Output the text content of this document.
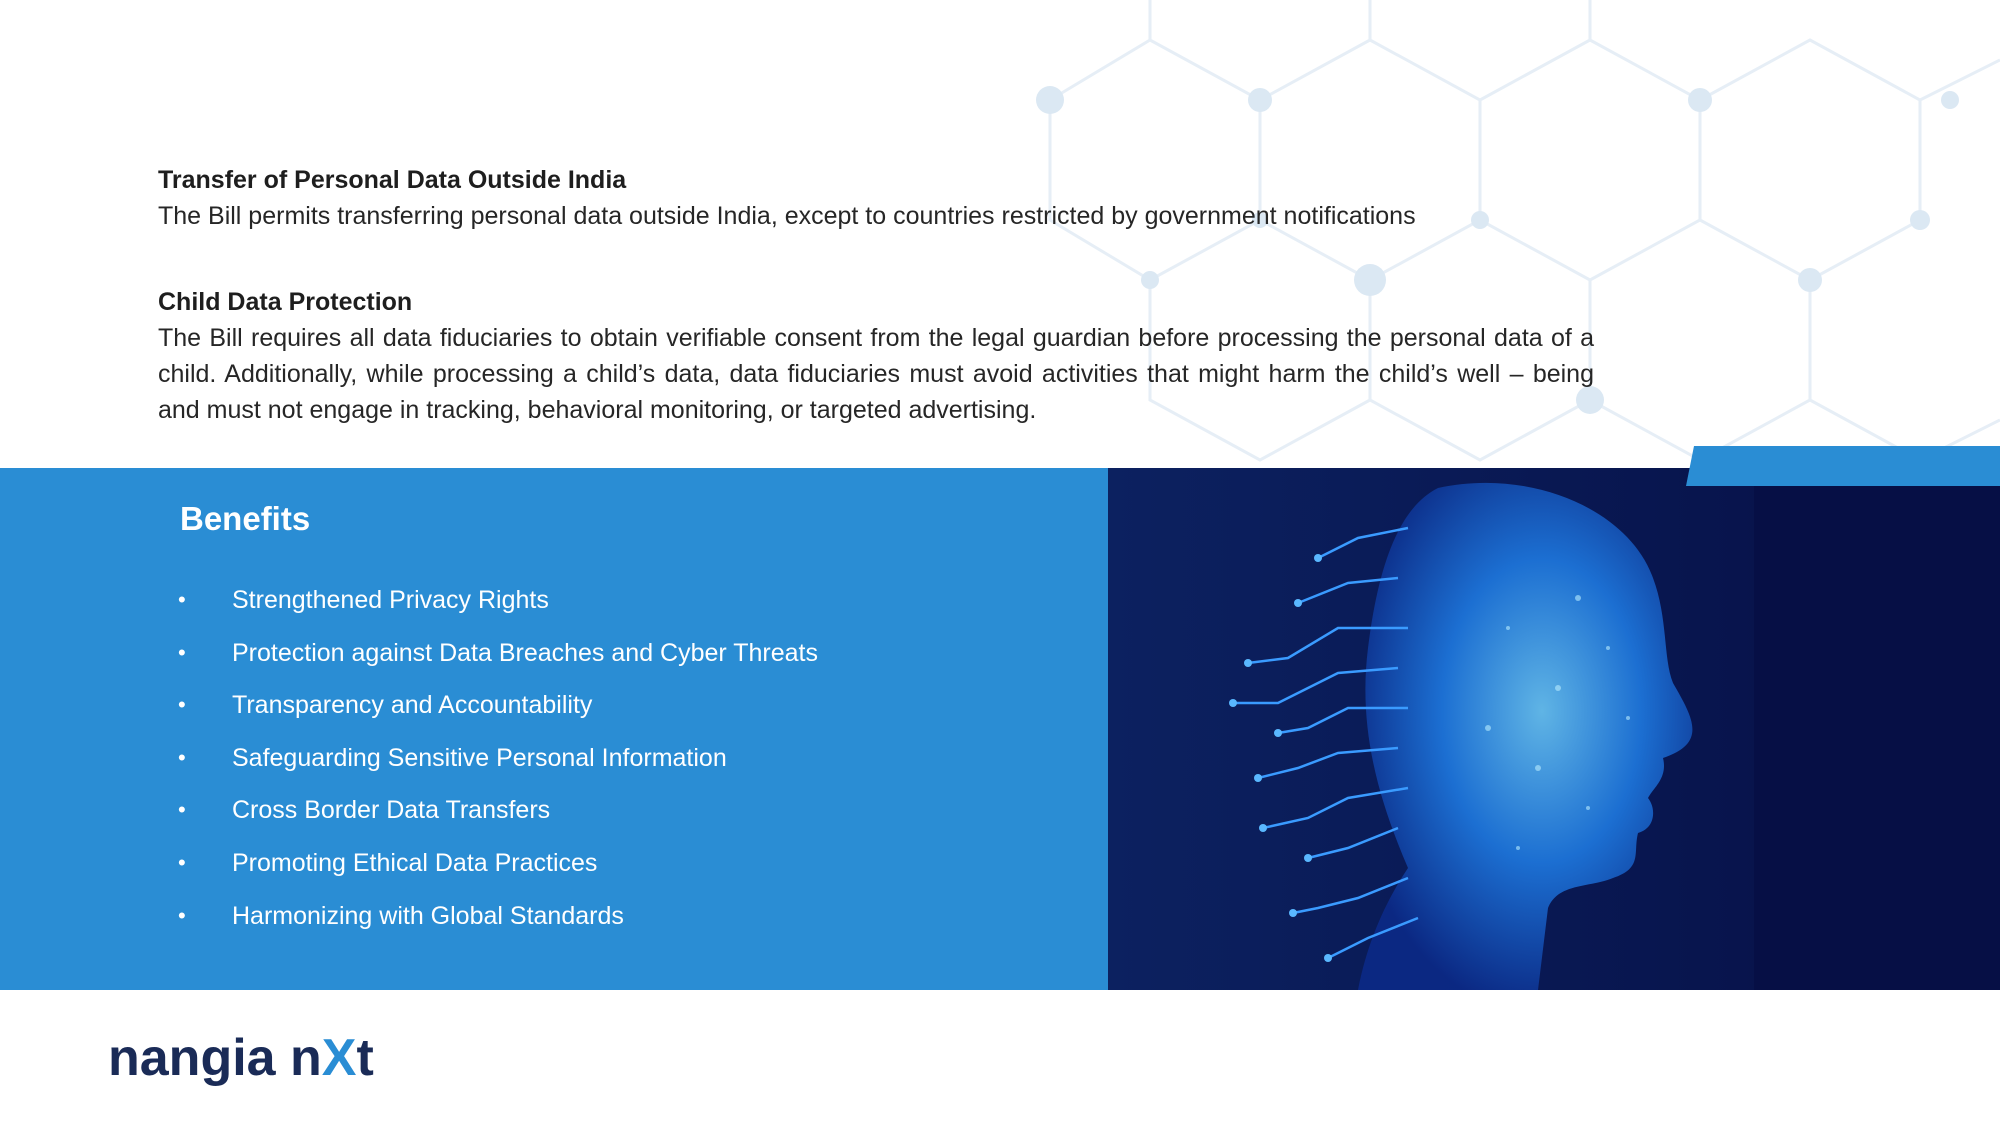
Transfer of Personal Data Outside India

The Bill permits transferring personal data outside India, except to countries restricted by government notifications

Child Data Protection

The Bill requires all data fiduciaries to obtain verifiable consent from the legal guardian before processing the personal data of a child. Additionally, while processing a child’s data, data fiduciaries must avoid activities that might harm the child’s well – being and must not engage in tracking, behavioral monitoring, or targeted advertising.

Benefits
• Strengthened Privacy Rights
• Protection against Data Breaches and Cyber Threats
• Transparency and Accountability
• Safeguarding Sensitive Personal Information
• Cross Border Data Transfers
• Promoting Ethical Data Practices
• Harmonizing with Global Standards
nangia nXt
